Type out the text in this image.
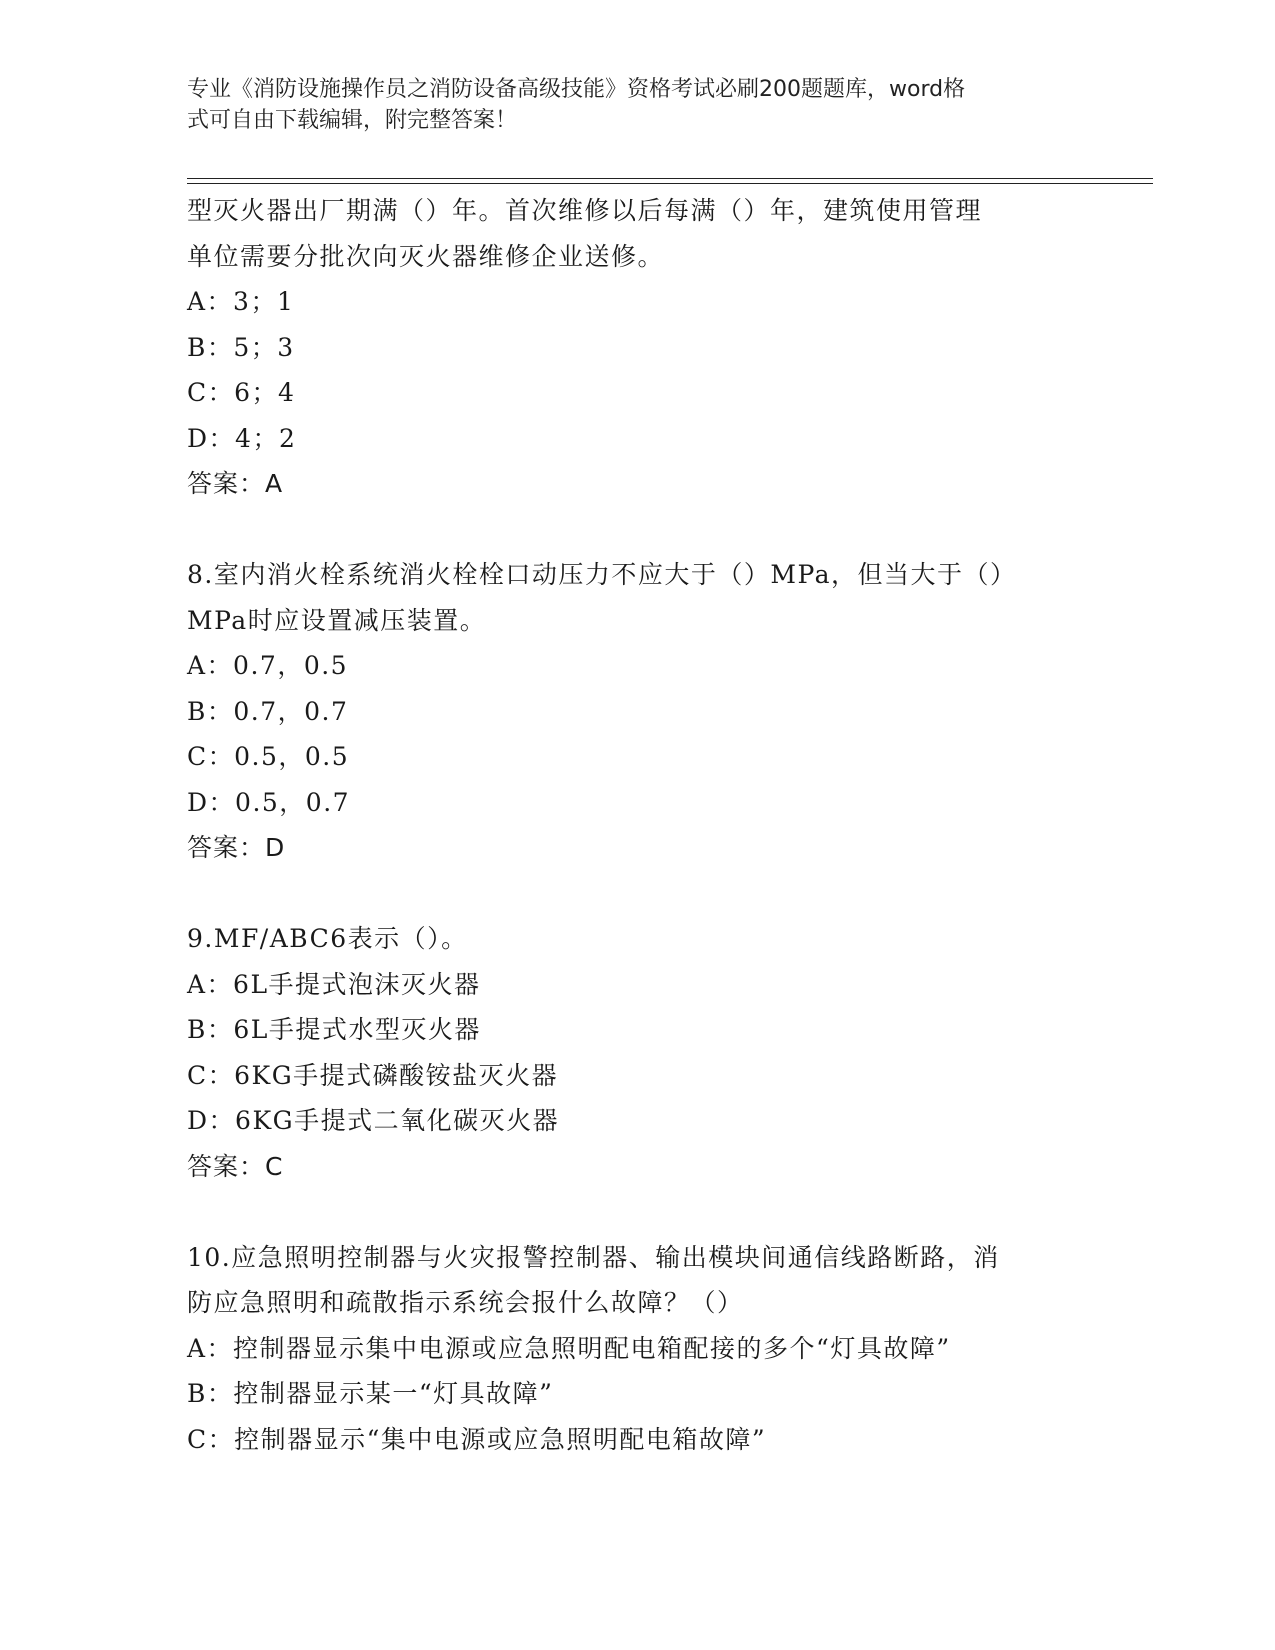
专业《消防设施操作员之消防设备高级技能》资格考试必刷200题题库，word格
式可自由下载编辑，附完整答案！
型灭火器出厂期满（）年。首次维修以后每满（）年，建筑使用管理
单位需要分批次向灭火器维修企业送修。
A：3；1
B：5；3
C：6；4
D：4；2
答案：A
8.室内消火栓系统消火栓栓口动压力不应大于（）MPa，但当大于（）
MPa时应设置减压装置。
A：0.7，0.5
B：0.7，0.7
C：0.5，0.5
D：0.5，0.7
答案：D
9.MF/ABC6表示（）。
A：6L手提式泡沫灭火器
B：6L手提式水型灭火器
C：6KG手提式磷酸铵盐灭火器
D：6KG手提式二氧化碳灭火器
答案：C
10.应急照明控制器与火灾报警控制器、输出模块间通信线路断路，消
防应急照明和疏散指示系统会报什么故障？（）
A：控制器显示集中电源或应急照明配电箱配接的多个“灯具故障”
B：控制器显示某一“灯具故障”
C：控制器显示“集中电源或应急照明配电箱故障”
